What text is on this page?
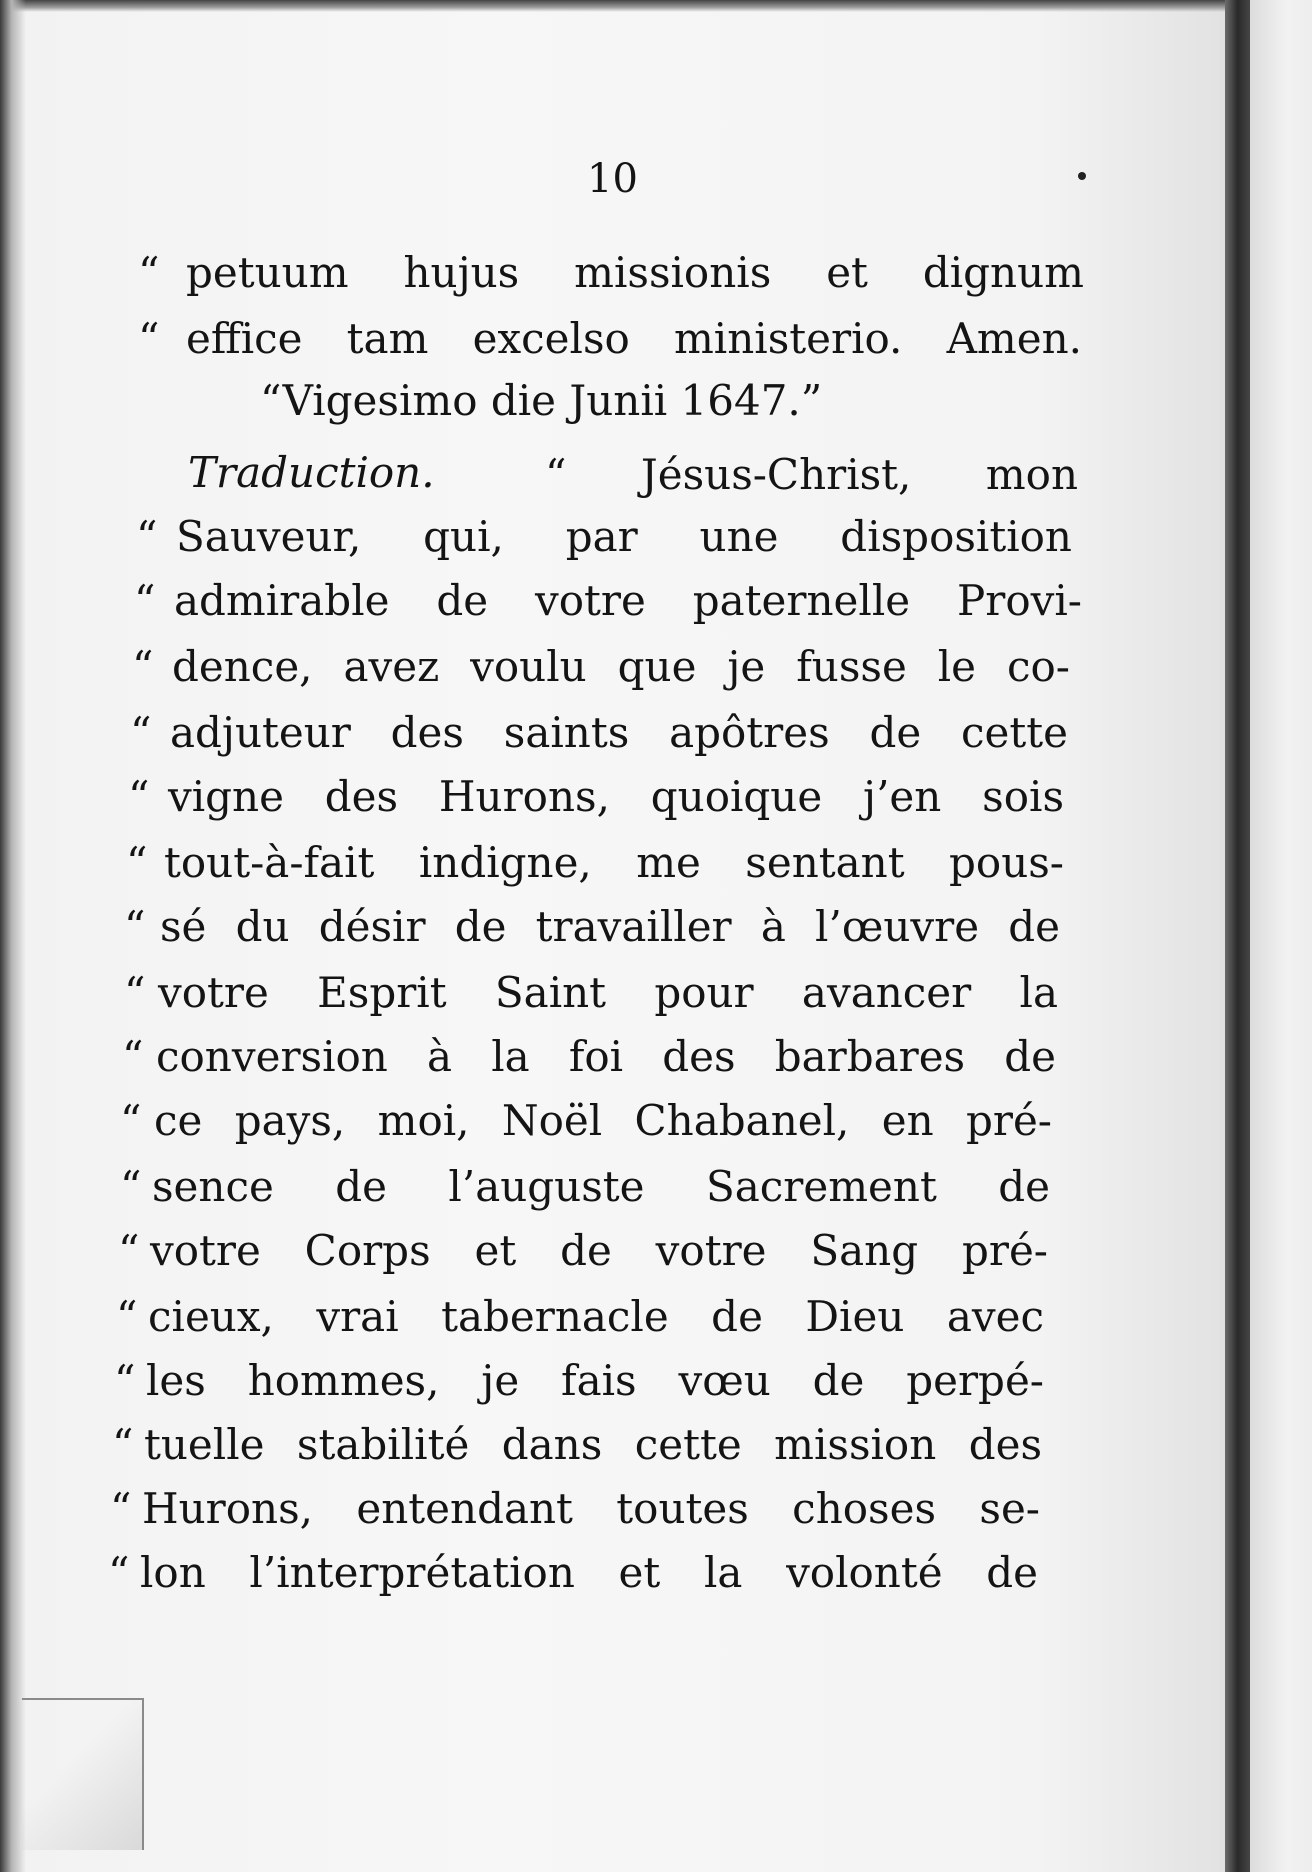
10
“ petuum hujus missionis et dignum
“ effice tam excelso ministerio. Amen.
“Vigesimo die Junii 1647.”
Traduction.	“ Jésus-Christ, mon
“ Sauveur, qui, par une disposition
“ admirable de votre paternelle Provi-
“ dence, avez voulu que je fusse le co-
“ adjuteur des saints apôtres de cette
“ vigne des Hurons, quoique j’en sois
“ tout-à-fait indigne, me sentant pous-
“ sé du désir de travailler à l’œuvre de
“ votre Esprit Saint pour avancer la
“ conversion à la foi des barbares de
“ ce pays, moi, Noël Chabanel, en pré-
“ sence de l’auguste Sacrement de
“ votre Corps et de votre Sang pré-
“ cieux, vrai tabernacle de Dieu avec
“ les hommes, je fais vœu de perpé-
“ tuelle stabilité dans cette mission des
“ Hurons, entendant toutes choses se-
“ lon l’interprétation et la volonté de
